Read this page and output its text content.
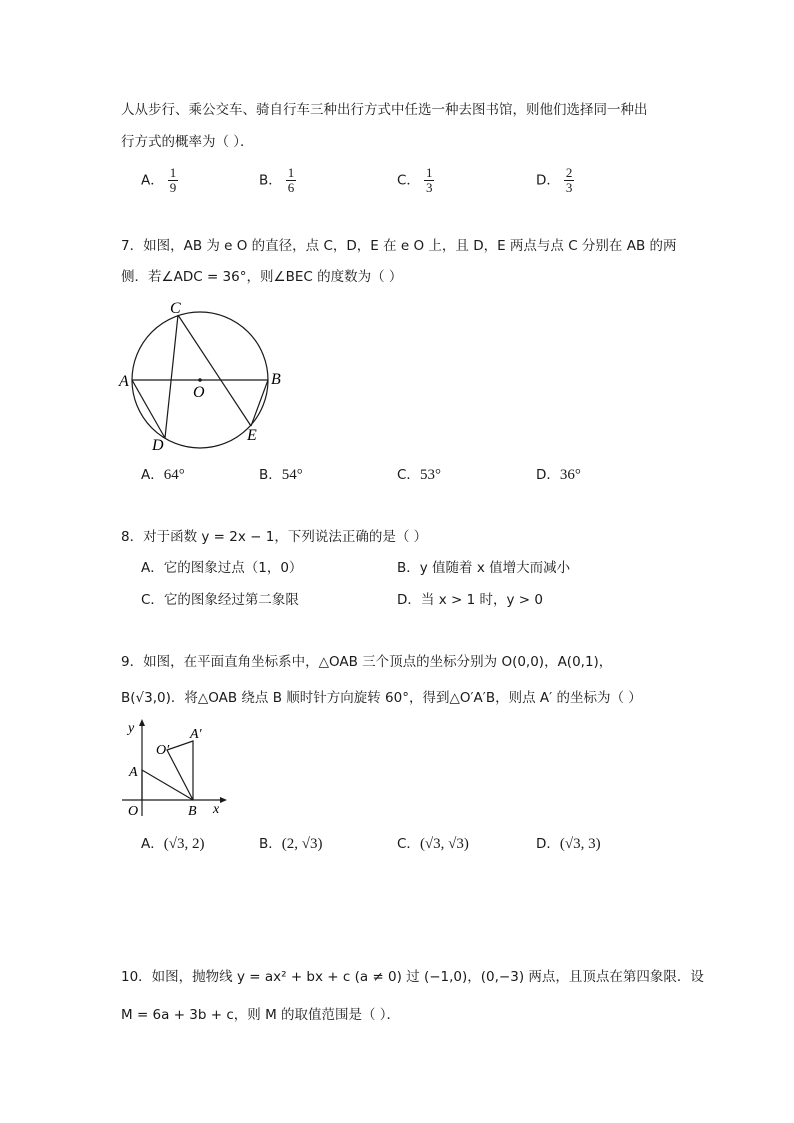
人从步行、乘公交车、骑自行车三种出行方式中任选一种去图书馆，则他们选择同一种出
行方式的概率为（ ）．
A． $\frac{1}{9}$	B． $\frac{1}{6}$	C． $\frac{1}{3}$	D． $\frac{2}{3}$
7．如图，AB 为 e O 的直径，点 C，D，E 在 e O 上，且 D，E 两点与点 C 分别在 AB 的两
侧．若∠ADC = 36°，则∠BEC 的度数为（ ）
C
A	B
O
D
E
A．64°	B．54°	C．53°	D．36°
8．对于函数 y = 2x − 1，下列说法正确的是（ ）
A．它的图象过点（1，0）	B．y 值随着 x 值增大而减小
C．它的图象经过第二象限	D．当 x > 1 时，y > 0
9．如图，在平面直角坐标系中，△OAB 三个顶点的坐标分别为 O(0,0)，A(0,1)，
B(√3,0)．将△OAB 绕点 B 顺时针方向旋转 60°，得到△O′A′B，则点 A′ 的坐标为（ ）
y	A′
O′
A
O	B x
A．(√3, 2)	B．(2, √3)	C．(√3, √3)	D．(√3, 3)
10．如图，抛物线 y = ax² + bx + c (a ≠ 0) 过 (−1,0)，(0,−3) 两点，且顶点在第四象限．设
M = 6a + 3b + c，则 M 的取值范围是（ ）．
